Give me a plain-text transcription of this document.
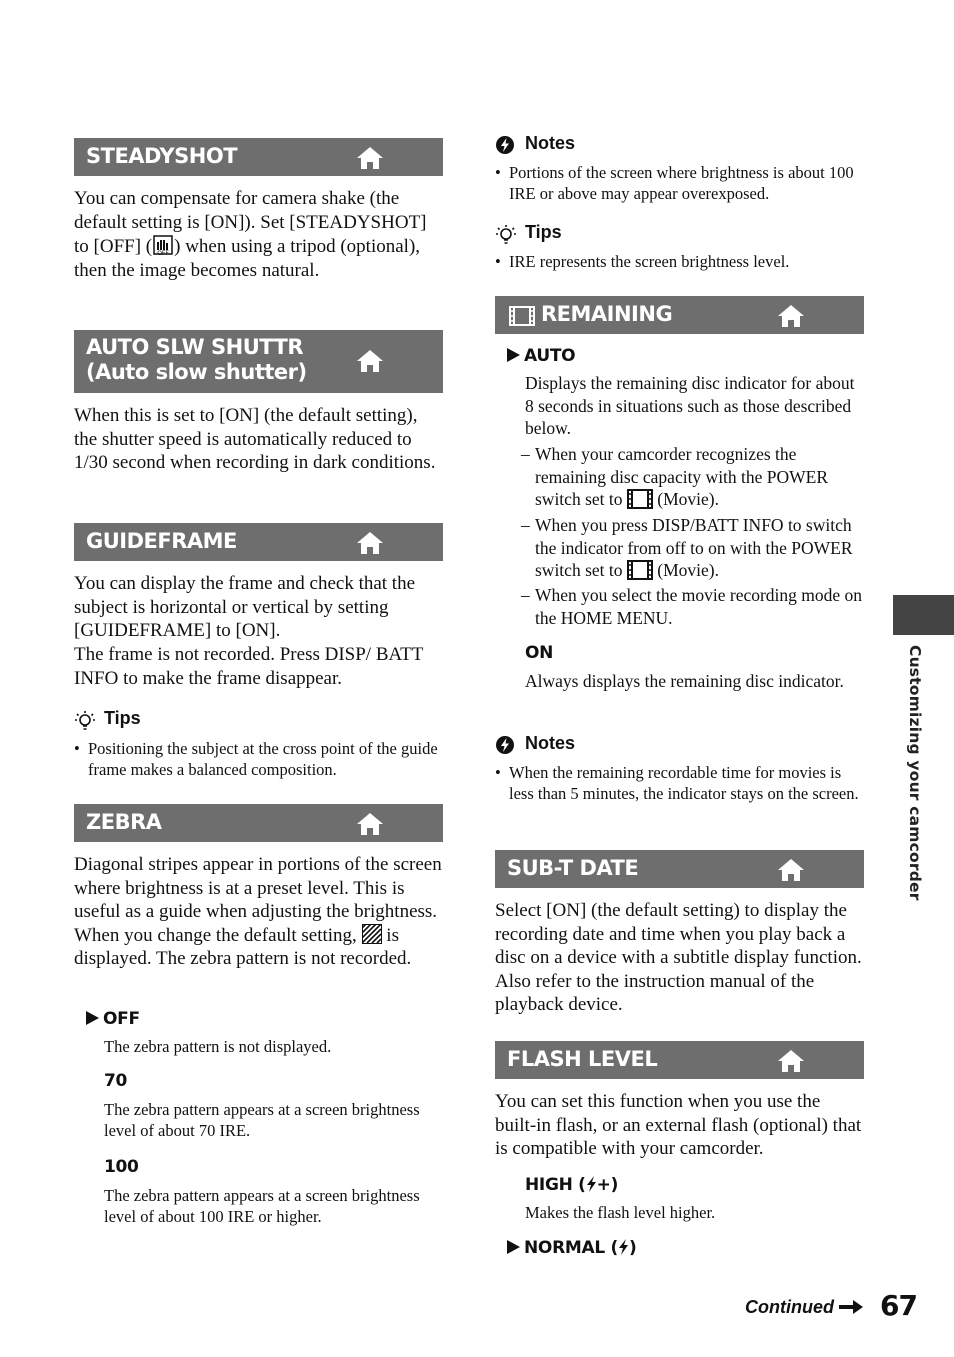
STEADYSHOT
You can compensate for camera shake (the default setting is [ON]). Set [STEADYSHOT] to [OFF] ( OFF ) when using a tripod (optional), then the image becomes natural.
AUTO SLW SHUTTR
(Auto slow shutter)
When this is set to [ON] (the default setting), the shutter speed is automatically reduced to 1/30 second when recording in dark conditions.
GUIDEFRAME
You can display the frame and check that the subject is horizontal or vertical by setting [GUIDEFRAME] to [ON].
The frame is not recorded. Press DISP/ BATT INFO to make the frame disappear.
Tips
• Positioning the subject at the cross point of the guide frame makes a balanced composition.
ZEBRA
Diagonal stripes appear in portions of the screen where brightness is at a preset level. This is useful as a guide when adjusting the brightness. When you change the default setting, is displayed. The zebra pattern is not recorded.
OFF
The zebra pattern is not displayed.
70
The zebra pattern appears at a screen brightness level of about 70 IRE.
100
The zebra pattern appears at a screen brightness level of about 100 IRE or higher.
Notes
• Portions of the screen where brightness is about 100 IRE or above may appear overexposed.
Tips
• IRE represents the screen brightness level.
REMAINING
AUTO
Displays the remaining disc indicator for about 8 seconds in situations such as those described below.
– When your camcorder recognizes the remaining disc capacity with the POWER switch set to (Movie).
– When you press DISP/BATT INFO to switch the indicator from off to on with the POWER switch set to (Movie).
– When you select the movie recording mode on the HOME MENU.
ON
Always displays the remaining disc indicator.
Notes
• When the remaining recordable time for movies is less than 5 minutes, the indicator stays on the screen.
SUB-T DATE
Select [ON] (the default setting) to display the recording date and time when you play back a disc on a device with a subtitle display function. Also refer to the instruction manual of the playback device.
FLASH LEVEL
You can set this function when you use the built-in flash, or an external flash (optional) that is compatible with your camcorder.
HIGH ( +)
Makes the flash level higher.
NORMAL ( )
Customizing your camcorder
Continued	67
